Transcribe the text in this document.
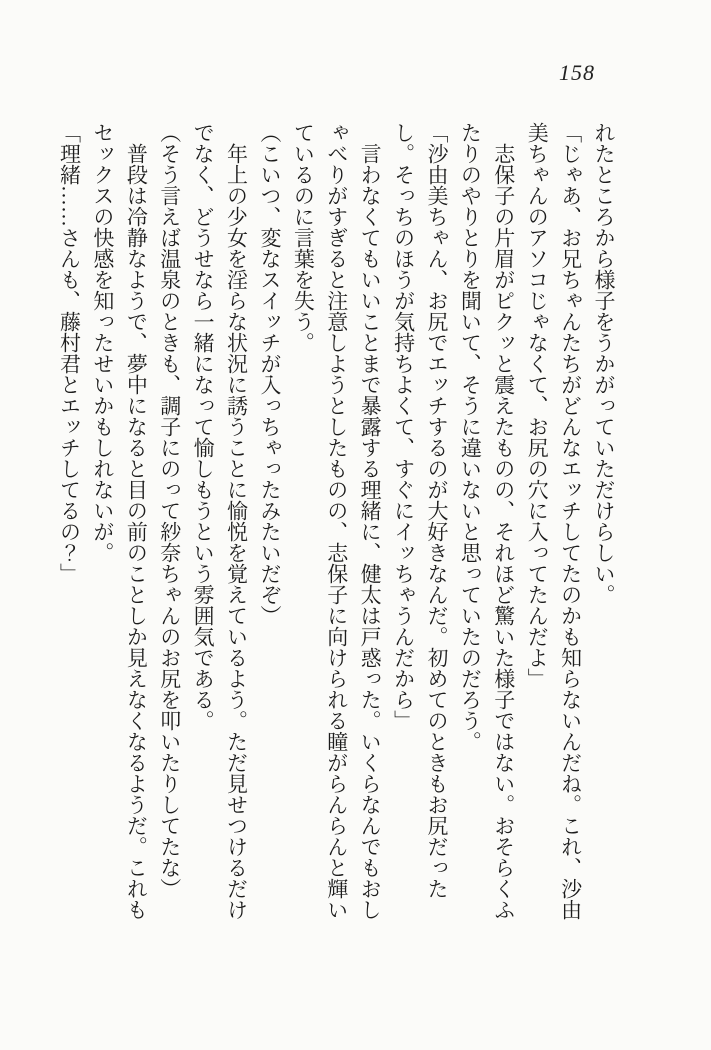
158

れたところから様子をうかがっていただけらしい。

「じゃあ、お兄ちゃんたちがどんなエッチしてたのかも知らないんだね。これ、沙由美ちゃんのアソコじゃなくて、お尻の穴に入ってたんだよ」

志保子の片眉がピクッと震えたものの、それほど驚いた様子ではない。おそらくふたりのやりとりを聞いて、そうに違いないと思っていたのだろう。

「沙由美ちゃん、お尻でエッチするのが大好きなんだ。初めてのときもお尻だったし。そっちのほうが気持ちよくて、すぐにイッちゃうんだから」

言わなくてもいいことまで暴露する理緒に、健太は戸惑った。いくらなんでもおしゃべりがすぎると注意しようとしたものの、志保子に向けられる瞳がらんらんと輝いているのに言葉を失う。

（こいつ、変なスイッチが入っちゃったみたいだぞ）

年上の少女を淫らな状況に誘うことに愉悦を覚えているよう。ただ見せつけるだけでなく、どうせなら一緒になって愉しもうという雰囲気である。

（そう言えば温泉のときも、調子にのって紗奈ちゃんのお尻を叩いたりしてたな）

普段は冷静なようで、夢中になると目の前のことしか見えなくなるようだ。これもセックスの快感を知ったせいかもしれないが。

「理緒……さんも、藤村君とエッチしてるの？」
